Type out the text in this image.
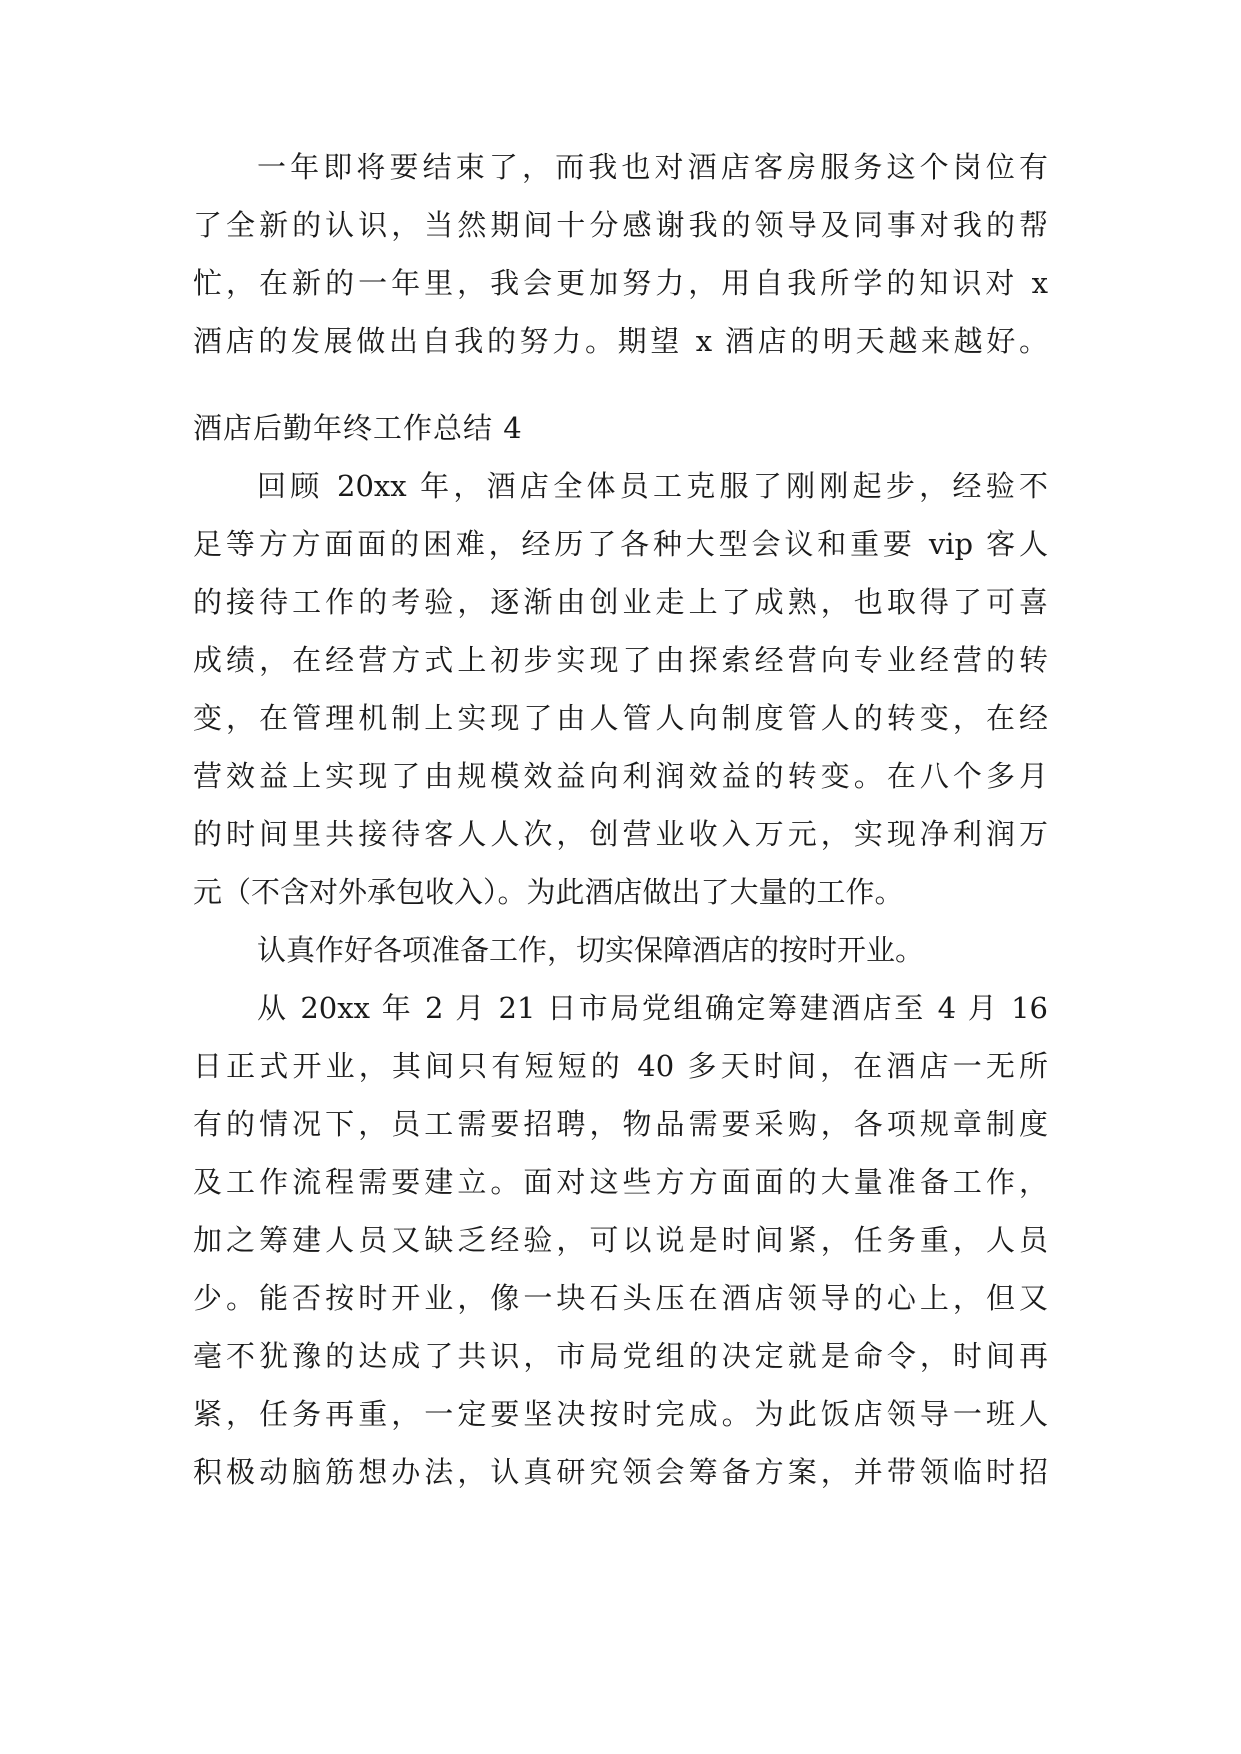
一年即将要结束了，而我也对酒店客房服务这个岗位有
了全新的认识，当然期间十分感谢我的领导及同事对我的帮
忙，在新的一年里，我会更加努力，用自我所学的知识对 x
酒店的发展做出自我的努力。期望 x 酒店的明天越来越好。
酒店后勤年终工作总结 4
回顾 20xx 年，酒店全体员工克服了刚刚起步，经验不
足等方方面面的困难，经历了各种大型会议和重要 vip 客人
的接待工作的考验，逐渐由创业走上了成熟，也取得了可喜
成绩，在经营方式上初步实现了由探索经营向专业经营的转
变，在管理机制上实现了由人管人向制度管人的转变，在经
营效益上实现了由规模效益向利润效益的转变。在八个多月
的时间里共接待客人人次，创营业收入万元，实现净利润万
元（不含对外承包收入）。为此酒店做出了大量的工作。
认真作好各项准备工作，切实保障酒店的按时开业。
从 20xx 年 2 月 21 日市局党组确定筹建酒店至 4 月 16
日正式开业，其间只有短短的 40 多天时间，在酒店一无所
有的情况下，员工需要招聘，物品需要采购，各项规章制度
及工作流程需要建立。面对这些方方面面的大量准备工作，
加之筹建人员又缺乏经验，可以说是时间紧，任务重，人员
少。能否按时开业，像一块石头压在酒店领导的心上，但又
毫不犹豫的达成了共识，市局党组的决定就是命令，时间再
紧，任务再重，一定要坚决按时完成。为此饭店领导一班人
积极动脑筋想办法，认真研究领会筹备方案，并带领临时招
